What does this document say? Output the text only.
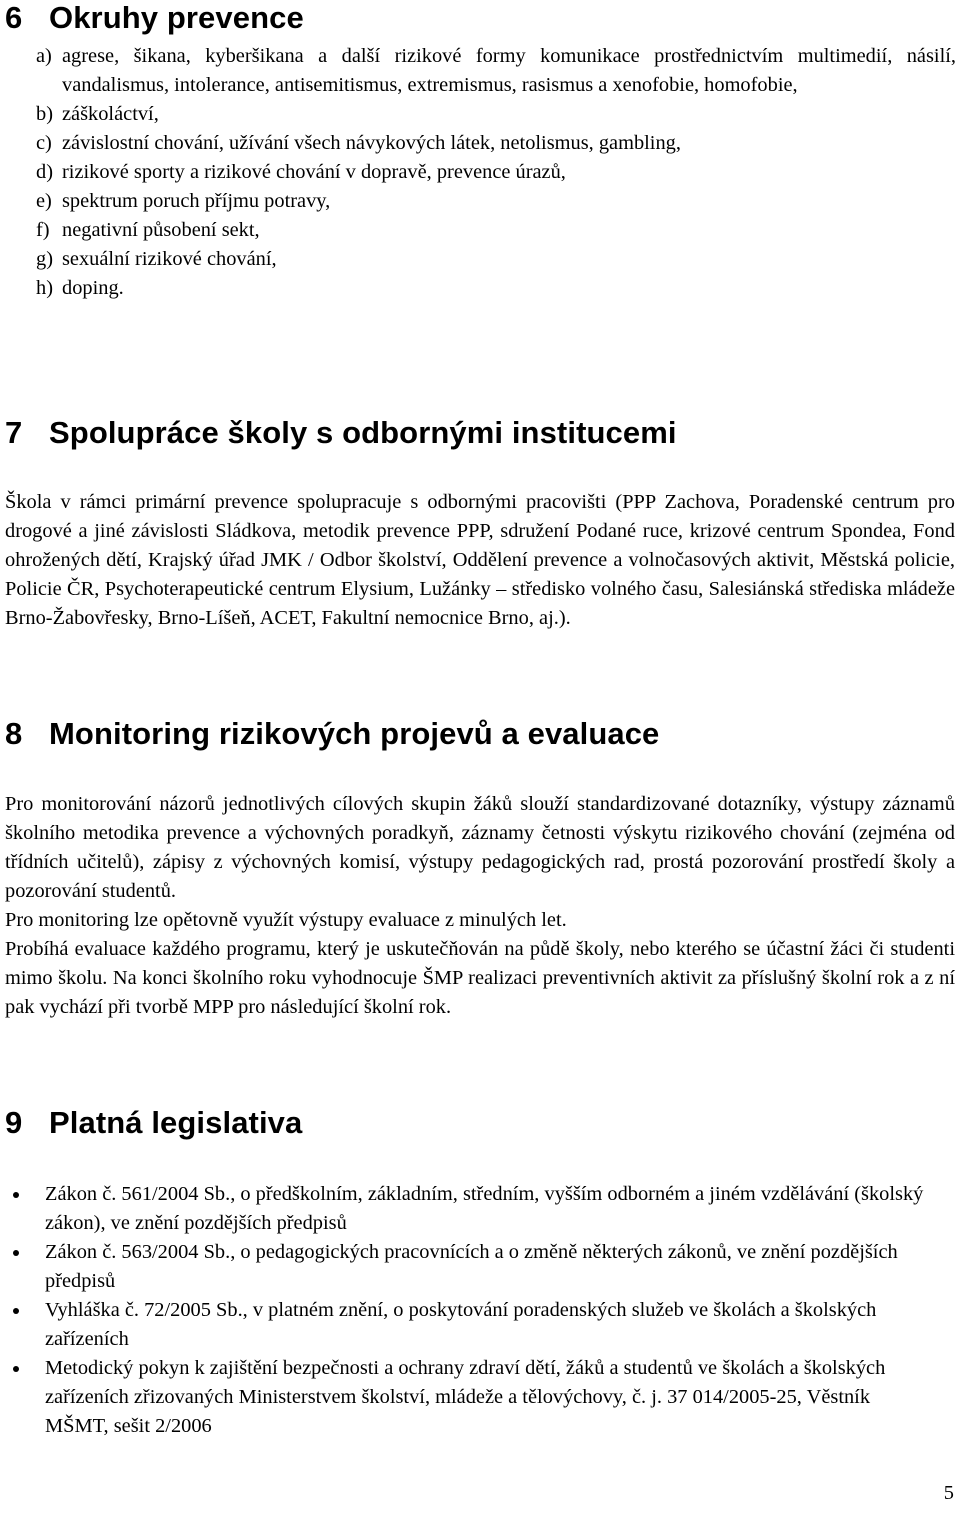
6 Okruhy prevence
a) agrese, šikana, kyberšikana a další rizikové formy komunikace prostřednictvím multimedií, násilí, vandalismus, intolerance, antisemitismus, extremismus, rasismus a xenofobie, homofobie,
b) záškoláctví,
c) závislostní chování, užívání všech návykových látek, netolismus, gambling,
d) rizikové sporty a rizikové chování v dopravě, prevence úrazů,
e) spektrum poruch příjmu potravy,
f) negativní působení sekt,
g) sexuální rizikové chování,
h) doping.
7 Spolupráce školy s odbornými institucemi

Škola v rámci primární prevence spolupracuje s odbornými pracovišti (PPP Zachova, Poradenské centrum pro drogové a jiné závislosti Sládkova, metodik prevence PPP, sdružení Podané ruce, krizové centrum Spondea, Fond ohrožených dětí, Krajský úřad JMK / Odbor školství, Oddělení prevence a volnočasových aktivit, Městská policie, Policie ČR, Psychoterapeutické centrum Elysium, Lužánky – středisko volného času, Salesiánská střediska mládeže Brno-Žabovřesky, Brno-Líšeň, ACET, Fakultní nemocnice Brno, aj.).

8 Monitoring rizikových projevů a evaluace
Pro monitorování názorů jednotlivých cílových skupin žáků slouží standardizované dotazníky, výstupy záznamů školního metodika prevence a výchovných poradkyň, záznamy četnosti výskytu rizikového chování (zejména od třídních učitelů), zápisy z výchovných komisí, výstupy pedagogických rad, prostá pozorování prostředí školy a pozorování studentů.
Pro monitoring lze opětovně využít výstupy evaluace z minulých let.
Probíhá evaluace každého programu, který je uskutečňován na půdě školy, nebo kterého se účastní žáci či studenti mimo školu. Na konci školního roku vyhodnocuje ŠMP realizaci preventivních aktivit za příslušný školní rok a z ní pak vychází při tvorbě MPP pro následující školní rok.
9 Platná legislativa
Zákon č. 561/2004 Sb., o předškolním, základním, středním, vyšším odborném a jiném vzdělávání (školský zákon), ve znění pozdějších předpisů
Zákon č. 563/2004 Sb., o pedagogických pracovnících a o změně některých zákonů, ve znění pozdějších předpisů
Vyhláška č. 72/2005 Sb., v platném znění, o poskytování poradenských služeb ve školách a školských zařízeních
Metodický pokyn k zajištění bezpečnosti a ochrany zdraví dětí, žáků a studentů ve školách a školských zařízeních zřizovaných Ministerstvem školství, mládeže a tělovýchovy, č. j. 37 014/2005-25, Věstník MŠMT, sešit 2/2006
5
